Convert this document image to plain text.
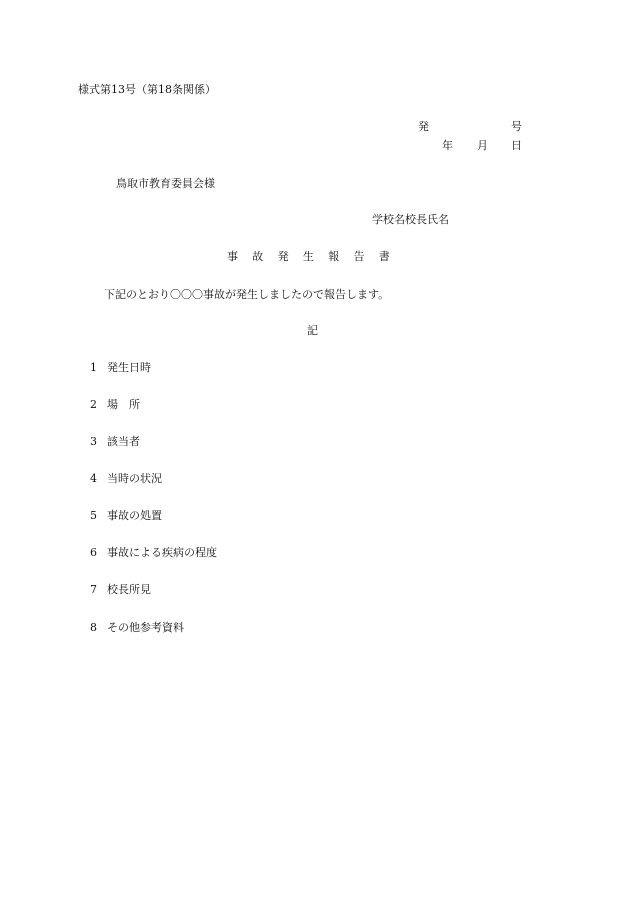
様式第13号（第18条関係）
発	号
年 月 日
鳥取市教育委員会様
学校名校長氏名
事故発生報告書
下記のとおり〇〇〇事故が発生しましたので報告します。
記
1 発生日時
2 場　所
3 該当者
4 当時の状況
5 事故の処置
6 事故による疾病の程度
7 校長所見
8 その他参考資料
